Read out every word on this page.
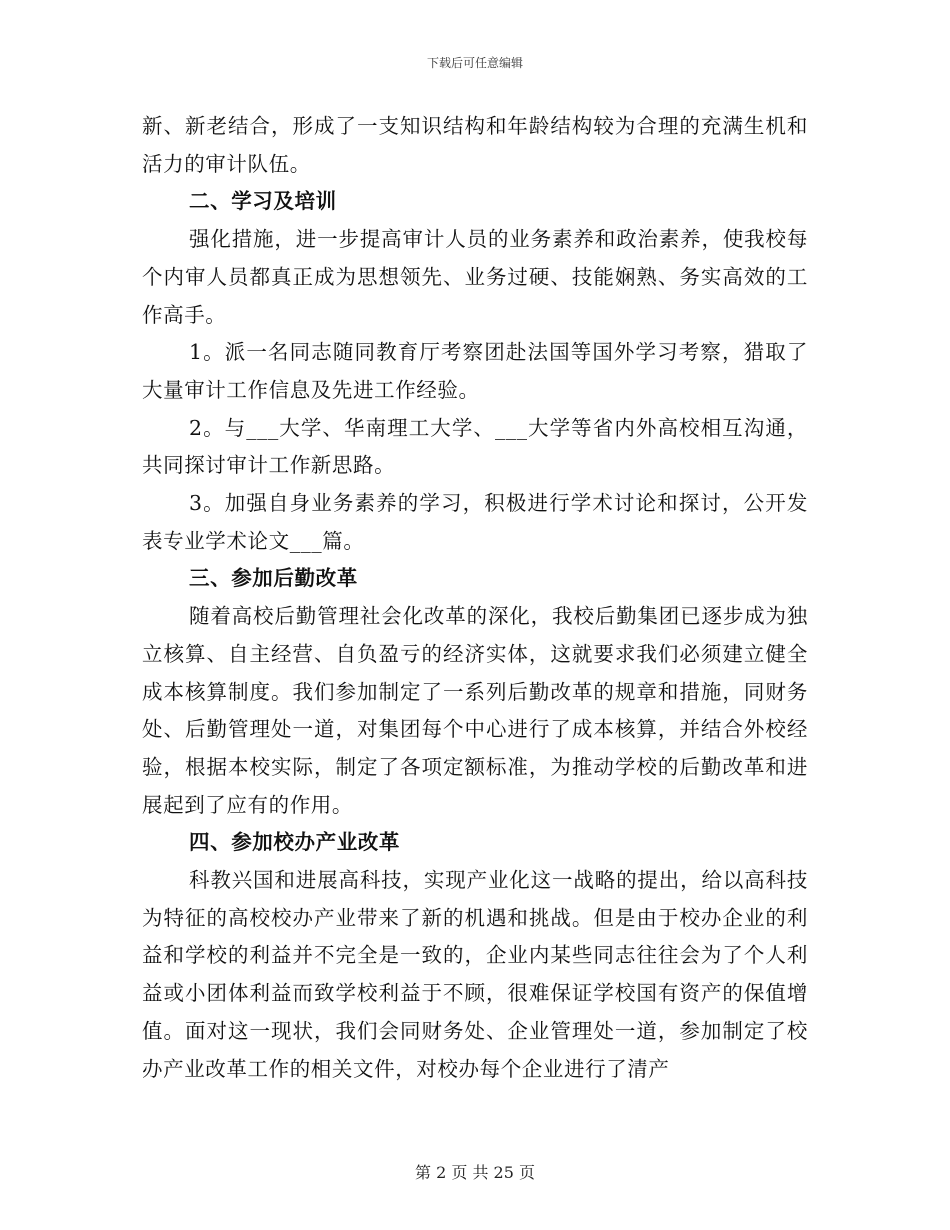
下载后可任意编辑

新、新老结合，形成了一支知识结构和年龄结构较为合理的充满生机和活力的审计队伍。

二、学习及培训

强化措施，进一步提高审计人员的业务素养和政治素养，使我校每个内审人员都真正成为思想领先、业务过硬、技能娴熟、务实高效的工作高手。

1。派一名同志随同教育厅考察团赴法国等国外学习考察，猎取了大量审计工作信息及先进工作经验。

2。与___大学、华南理工大学、___大学等省内外高校相互沟通，共同探讨审计工作新思路。

3。加强自身业务素养的学习，积极进行学术讨论和探讨，公开发表专业学术论文___篇。

三、参加后勤改革

随着高校后勤管理社会化改革的深化，我校后勤集团已逐步成为独立核算、自主经营、自负盈亏的经济实体，这就要求我们必须建立健全成本核算制度。我们参加制定了一系列后勤改革的规章和措施，同财务处、后勤管理处一道，对集团每个中心进行了成本核算，并结合外校经验，根据本校实际，制定了各项定额标准，为推动学校的后勤改革和进展起到了应有的作用。

四、参加校办产业改革

科教兴国和进展高科技，实现产业化这一战略的提出，给以高科技为特征的高校校办产业带来了新的机遇和挑战。但是由于校办企业的利益和学校的利益并不完全是一致的，企业内某些同志往往会为了个人利益或小团体利益而致学校利益于不顾，很难保证学校国有资产的保值增值。面对这一现状，我们会同财务处、企业管理处一道，参加制定了校办产业改革工作的相关文件，对校办每个企业进行了清产

第 2 页 共 25 页
